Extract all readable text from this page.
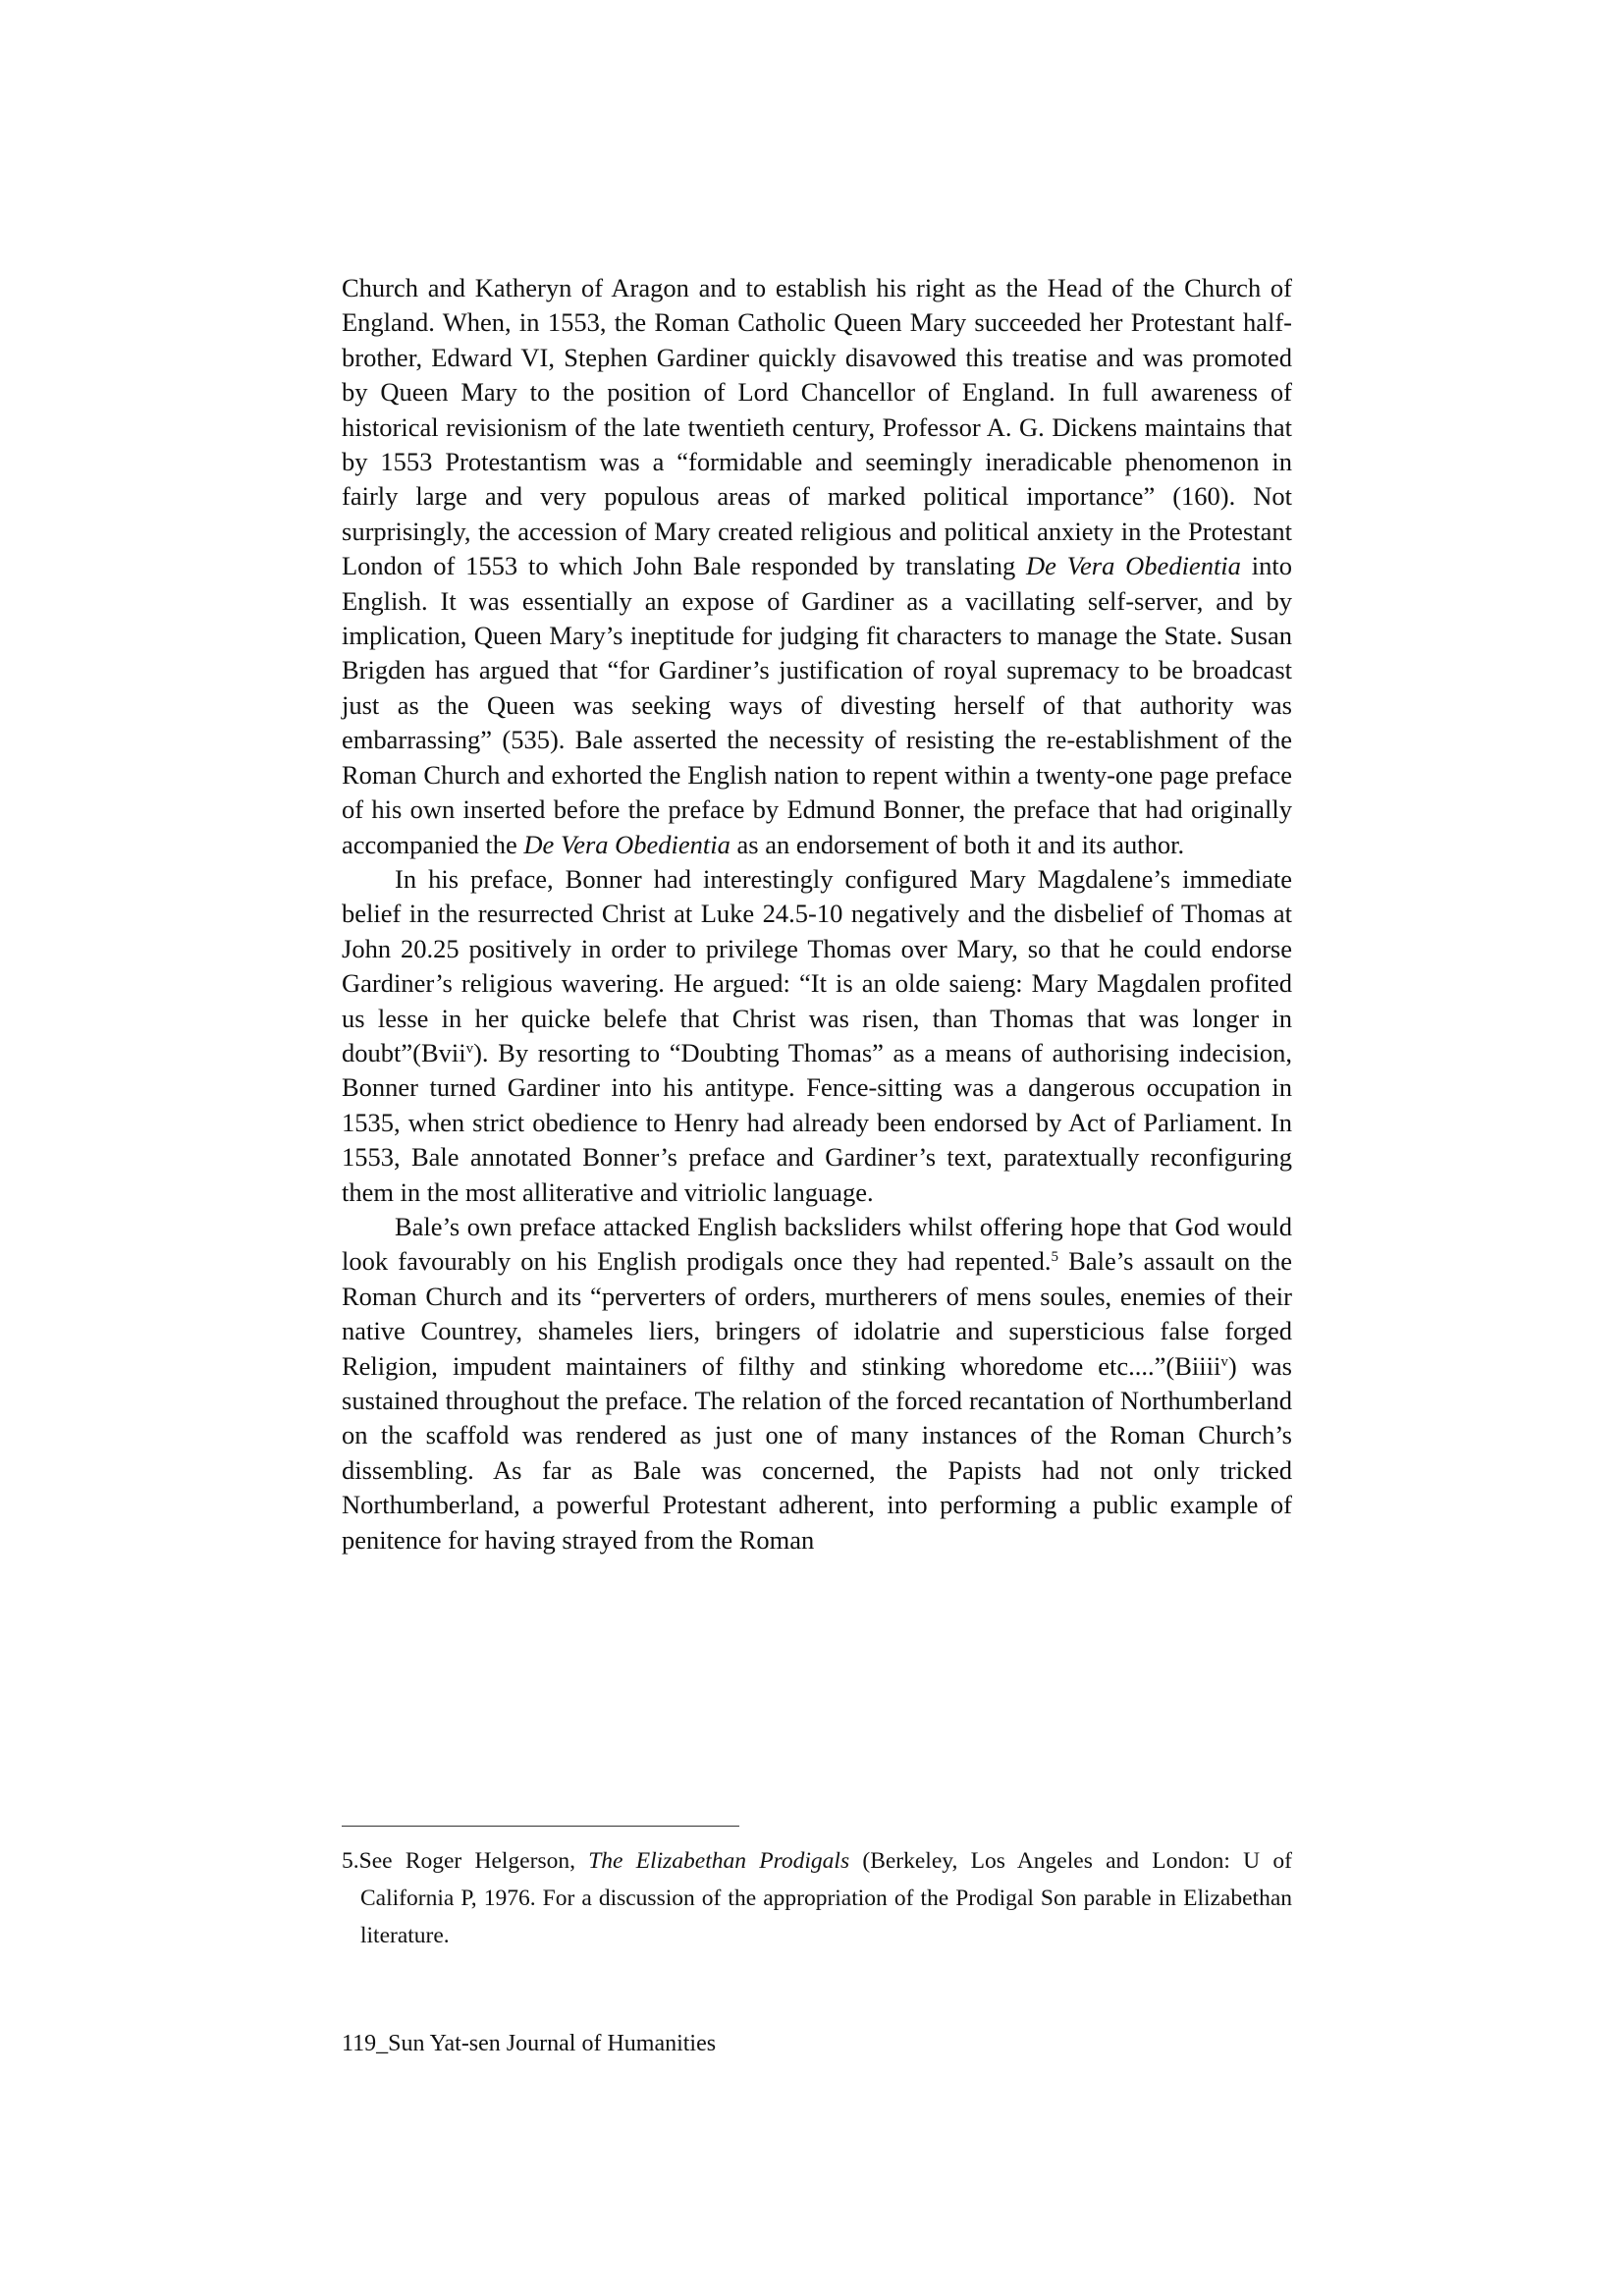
Church and Katheryn of Aragon and to establish his right as the Head of the Church of England. When, in 1553, the Roman Catholic Queen Mary succeeded her Protestant half-brother, Edward VI, Stephen Gardiner quickly disavowed this treatise and was promoted by Queen Mary to the position of Lord Chancellor of England. In full awareness of historical revisionism of the late twentieth century, Professor A. G. Dickens maintains that by 1553 Protestantism was a “formidable and seemingly ineradicable phenomenon in fairly large and very populous areas of marked political importance” (160). Not surprisingly, the accession of Mary created religious and political anxiety in the Protestant London of 1553 to which John Bale responded by translating De Vera Obedientia into English. It was essentially an expose of Gardiner as a vacillating self-server, and by implication, Queen Mary’s ineptitude for judging fit characters to manage the State. Susan Brigden has argued that “for Gardiner’s justification of royal supremacy to be broadcast just as the Queen was seeking ways of divesting herself of that authority was embarrassing” (535). Bale asserted the necessity of resisting the re-establishment of the Roman Church and exhorted the English nation to repent within a twenty-one page preface of his own inserted before the preface by Edmund Bonner, the preface that had originally accompanied the De Vera Obedientia as an endorsement of both it and its author.

In his preface, Bonner had interestingly configured Mary Magdalene’s immediate belief in the resurrected Christ at Luke 24.5-10 negatively and the disbelief of Thomas at John 20.25 positively in order to privilege Thomas over Mary, so that he could endorse Gardiner’s religious wavering. He argued: “It is an olde saieng: Mary Magdalen profited us lesse in her quicke belefe that Christ was risen, than Thomas that was longer in doubt”(Bvii$^v$). By resorting to “Doubting Thomas” as a means of authorising indecision, Bonner turned Gardiner into his antitype. Fence-sitting was a dangerous occupation in 1535, when strict obedience to Henry had already been endorsed by Act of Parliament. In 1553, Bale annotated Bonner’s preface and Gardiner’s text, paratextually reconfiguring them in the most alliterative and vitriolic language.

Bale’s own preface attacked English backsliders whilst offering hope that God would look favourably on his English prodigals once they had repented.$^5$ Bale’s assault on the Roman Church and its “perverters of orders, murtherers of mens soules, enemies of their native Countrey, shameles liers, bringers of idolatrie and supersticious false forged Religion, impudent maintainers of filthy and stinking whoredome etc....”(Biiii$^v$) was sustained throughout the preface. The relation of the forced recantation of Northumberland on the scaffold was rendered as just one of many instances of the Roman Church’s dissembling. As far as Bale was concerned, the Papists had not only tricked Northumberland, a powerful Protestant adherent, into performing a public example of penitence for having strayed from the Roman

5.See Roger Helgerson, The Elizabethan Prodigals (Berkeley, Los Angeles and London: U of California P, 1976. For a discussion of the appropriation of the Prodigal Son parable in Elizabethan literature.
119_Sun Yat-sen Journal of Humanities
